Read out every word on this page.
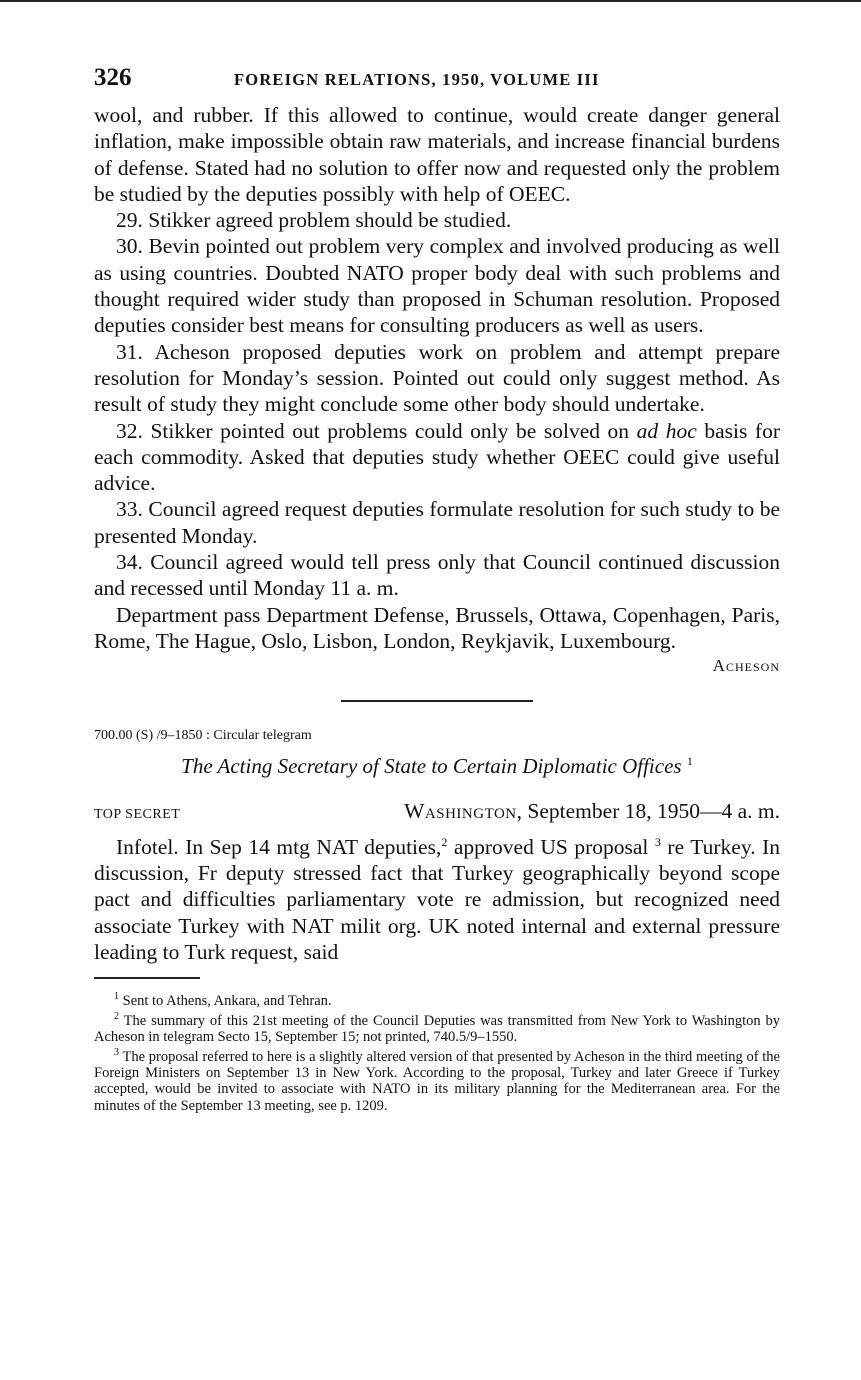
326	FOREIGN RELATIONS, 1950, VOLUME III

wool, and rubber. If this allowed to continue, would create danger general inflation, make impossible obtain raw materials, and increase financial burdens of defense. Stated had no solution to offer now and requested only the problem be studied by the deputies possibly with help of OEEC.

29. Stikker agreed problem should be studied.

30. Bevin pointed out problem very complex and involved producing as well as using countries. Doubted NATO proper body deal with such problems and thought required wider study than proposed in Schuman resolution. Proposed deputies consider best means for consulting producers as well as users.

31. Acheson proposed deputies work on problem and attempt prepare resolution for Monday’s session. Pointed out could only suggest method. As result of study they might conclude some other body should undertake.

32. Stikker pointed out problems could only be solved on ad hoc basis for each commodity. Asked that deputies study whether OEEC could give useful advice.

33. Council agreed request deputies formulate resolution for such study to be presented Monday.

34. Council agreed would tell press only that Council continued discussion and recessed until Monday 11 a. m.

Department pass Department Defense, Brussels, Ottawa, Copenhagen, Paris, Rome, The Hague, Oslo, Lisbon, London, Reykjavik, Luxembourg.

Acheson
700.00 (S) /9–1850 : Circular telegram
The Acting Secretary of State to Certain Diplomatic Offices $^1$
TOP SECRET	Washington, September 18, 1950—4 a. m.

Infotel. In Sep 14 mtg NAT deputies,$^2$ approved US proposal $^3$ re Turkey. In discussion, Fr deputy stressed fact that Turkey geographically beyond scope pact and difficulties parliamentary vote re admission, but recognized need associate Turkey with NAT milit org. UK noted internal and external pressure leading to Turk request, said

$^1$ Sent to Athens, Ankara, and Tehran.

$^2$ The summary of this 21st meeting of the Council Deputies was transmitted from New York to Washington by Acheson in telegram Secto 15, September 15; not printed, 740.5/9–1550.

$^3$ The proposal referred to here is a slightly altered version of that presented by Acheson in the third meeting of the Foreign Ministers on September 13 in New York. According to the proposal, Turkey and later Greece if Turkey accepted, would be invited to associate with NATO in its military planning for the Mediterranean area. For the minutes of the September 13 meeting, see p. 1209.
